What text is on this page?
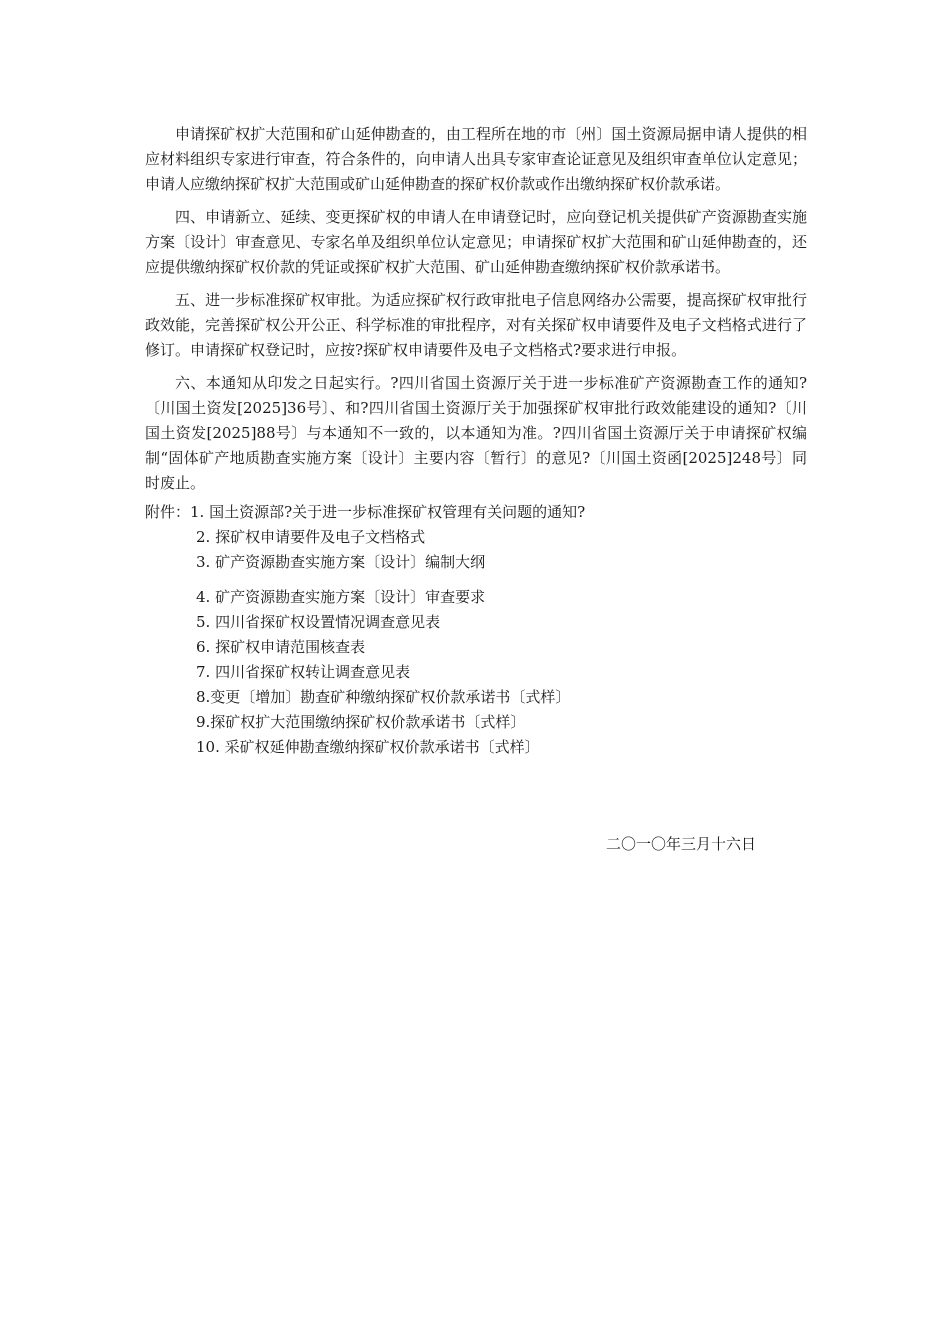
申请探矿权扩大范围和矿山延伸勘查的，由工程所在地的市〔州〕国土资源局据申请人提供的相应材料组织专家进行审查，符合条件的，向申请人出具专家审查论证意见及组织审查单位认定意见；申请人应缴纳探矿权扩大范围或矿山延伸勘查的探矿权价款或作出缴纳探矿权价款承诺。

四、申请新立、延续、变更探矿权的申请人在申请登记时，应向登记机关提供矿产资源勘查实施方案〔设计〕审查意见、专家名单及组织单位认定意见；申请探矿权扩大范围和矿山延伸勘查的，还应提供缴纳探矿权价款的凭证或探矿权扩大范围、矿山延伸勘查缴纳探矿权价款承诺书。

五、进一步标准探矿权审批。为适应探矿权行政审批电子信息网络办公需要，提高探矿权审批行政效能，完善探矿权公开公正、科学标准的审批程序，对有关探矿权申请要件及电子文档格式进行了修订。申请探矿权登记时，应按?探矿权申请要件及电子文档格式?要求进行申报。

六、本通知从印发之日起实行。?四川省国土资源厅关于进一步标准矿产资源勘查工作的通知?〔川国土资发[2025]36号〕、和?四川省国土资源厅关于加强探矿权审批行政效能建设的通知?〔川国土资发[2025]88号〕与本通知不一致的，以本通知为准。?四川省国土资源厅关于申请探矿权编制“固体矿产地质勘查实施方案〔设计〕主要内容〔暂行〕的意见?〔川国土资函[2025]248号〕同时废止。

附件： 1. 国土资源部?关于进一步标准探矿权管理有关问题的通知?
2. 探矿权申请要件及电子文档格式
3. 矿产资源勘查实施方案〔设计〕编制大纲
4. 矿产资源勘查实施方案〔设计〕审查要求
5. 四川省探矿权设置情况调查意见表
6. 探矿权申请范围核查表
7. 四川省探矿权转让调查意见表
8.变更〔增加〕勘查矿种缴纳探矿权价款承诺书〔式样〕
9.探矿权扩大范围缴纳探矿权价款承诺书〔式样〕
10. 采矿权延伸勘查缴纳探矿权价款承诺书〔式样〕
二〇一〇年三月十六日
